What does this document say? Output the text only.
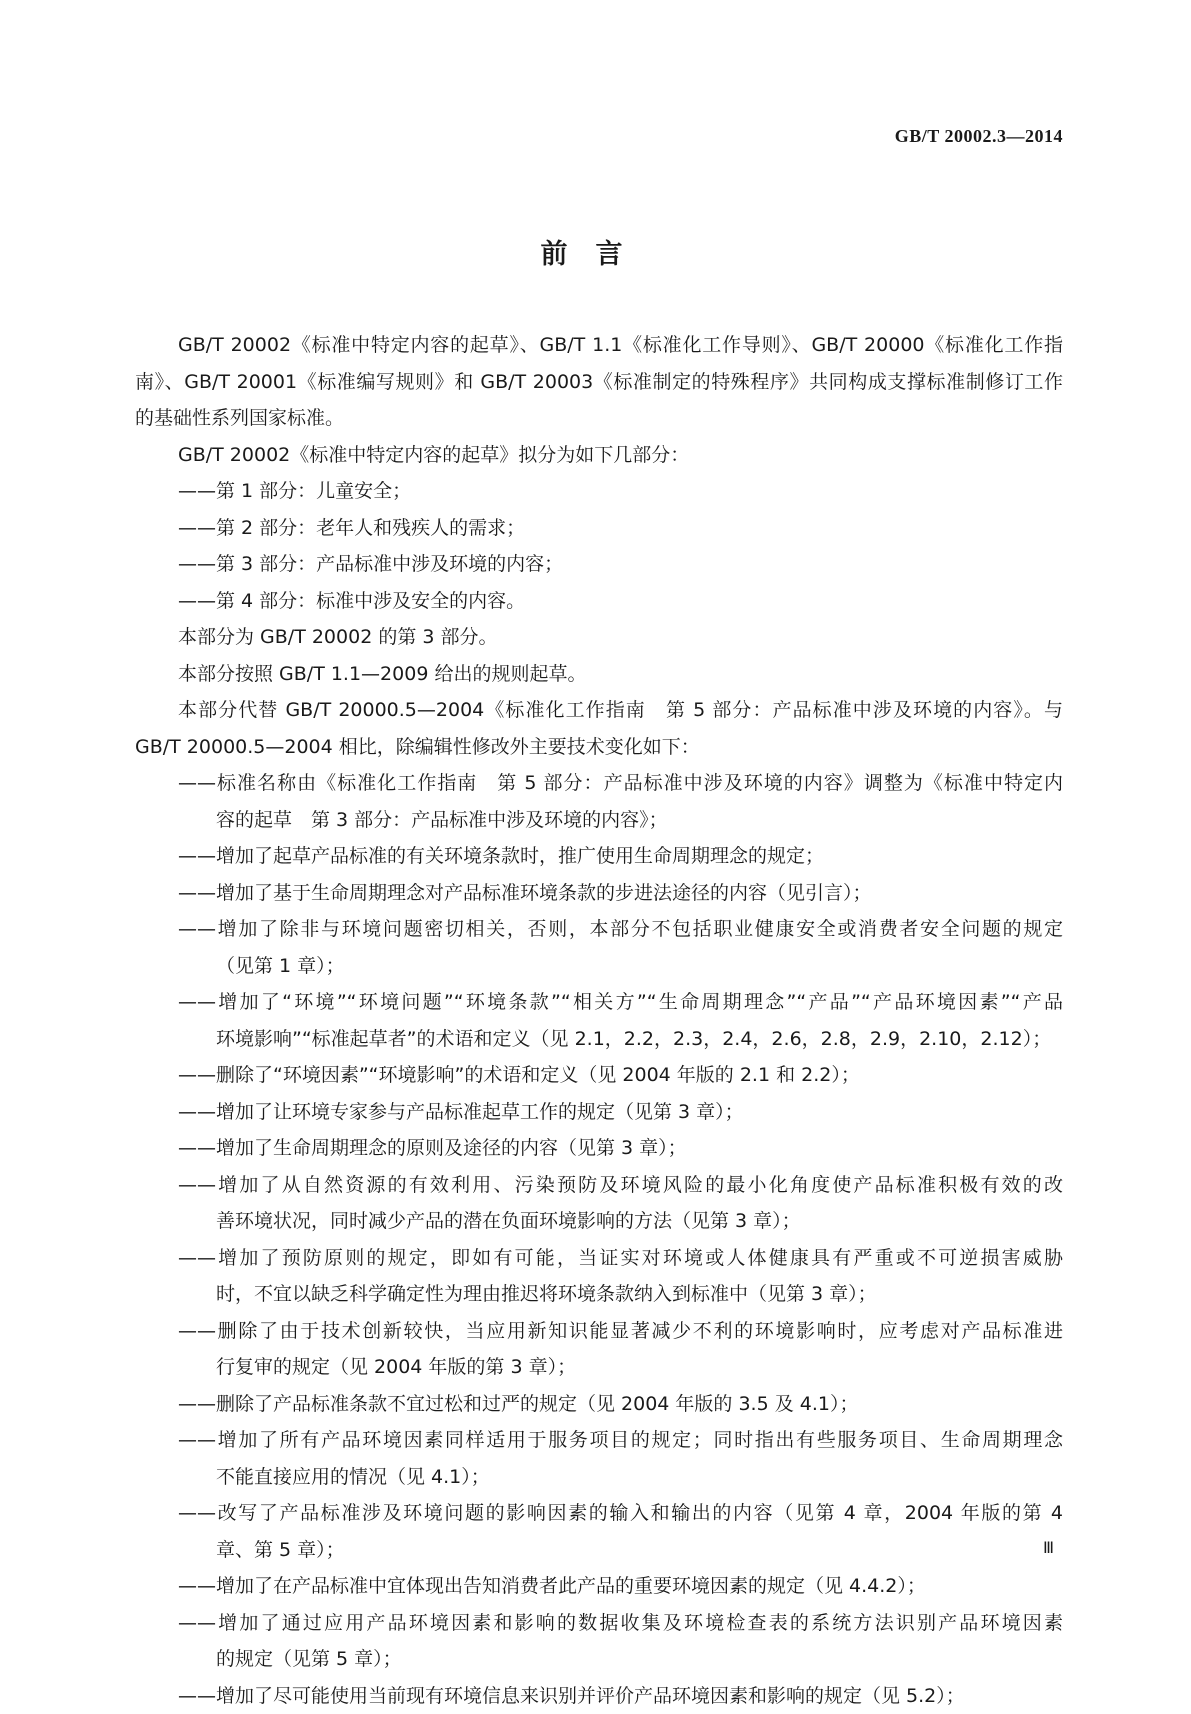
GB/T 20002.3—2014
前言
GB/T 20002《标准中特定内容的起草》、GB/T 1.1《标准化工作导则》、GB/T 20000《标准化工作指
南》、GB/T 20001《标准编写规则》和 GB/T 20003《标准制定的特殊程序》共同构成支撑标准制修订工作
的基础性系列国家标准。
GB/T 20002《标准中特定内容的起草》拟分为如下几部分：
——第 1 部分：儿童安全；
——第 2 部分：老年人和残疾人的需求；
——第 3 部分：产品标准中涉及环境的内容；
——第 4 部分：标准中涉及安全的内容。
本部分为 GB/T 20002 的第 3 部分。
本部分按照 GB/T 1.1—2009 给出的规则起草。
本部分代替 GB/T 20000.5—2004《标准化工作指南　第 5 部分：产品标准中涉及环境的内容》。与
GB/T 20000.5—2004 相比，除编辑性修改外主要技术变化如下：
——标准名称由《标准化工作指南　第 5 部分：产品标准中涉及环境的内容》调整为《标准中特定内
容的起草　第 3 部分：产品标准中涉及环境的内容》；
——增加了起草产品标准的有关环境条款时，推广使用生命周期理念的规定；
——增加了基于生命周期理念对产品标准环境条款的步进法途径的内容（见引言）；
——增加了除非与环境问题密切相关，否则，本部分不包括职业健康安全或消费者安全问题的规定
（见第 1 章）；
——增加了“环境”“环境问题”“环境条款”“相关方”“生命周期理念”“产品”“产品环境因素”“产品
环境影响”“标准起草者”的术语和定义（见 2.1，2.2，2.3，2.4，2.6，2.8，2.9，2.10，2.12）；
——删除了“环境因素”“环境影响”的术语和定义（见 2004 年版的 2.1 和 2.2）；
——增加了让环境专家参与产品标准起草工作的规定（见第 3 章）；
——增加了生命周期理念的原则及途径的内容（见第 3 章）；
——增加了从自然资源的有效利用、污染预防及环境风险的最小化角度使产品标准积极有效的改
善环境状况，同时减少产品的潜在负面环境影响的方法（见第 3 章）；
——增加了预防原则的规定，即如有可能，当证实对环境或人体健康具有严重或不可逆损害威胁
时，不宜以缺乏科学确定性为理由推迟将环境条款纳入到标准中（见第 3 章）；
——删除了由于技术创新较快，当应用新知识能显著减少不利的环境影响时，应考虑对产品标准进
行复审的规定（见 2004 年版的第 3 章）；
——删除了产品标准条款不宜过松和过严的规定（见 2004 年版的 3.5 及 4.1）；
——增加了所有产品环境因素同样适用于服务项目的规定；同时指出有些服务项目、生命周期理念
不能直接应用的情况（见 4.1）；
——改写了产品标准涉及环境问题的影响因素的输入和输出的内容（见第 4 章，2004 年版的第 4
章、第 5 章）；
——增加了在产品标准中宜体现出告知消费者此产品的重要环境因素的规定（见 4.4.2）；
——增加了通过应用产品环境因素和影响的数据收集及环境检查表的系统方法识别产品环境因素
的规定（见第 5 章）；
——增加了尽可能使用当前现有环境信息来识别并评价产品环境因素和影响的规定（见 5.2）；
Ⅲ
